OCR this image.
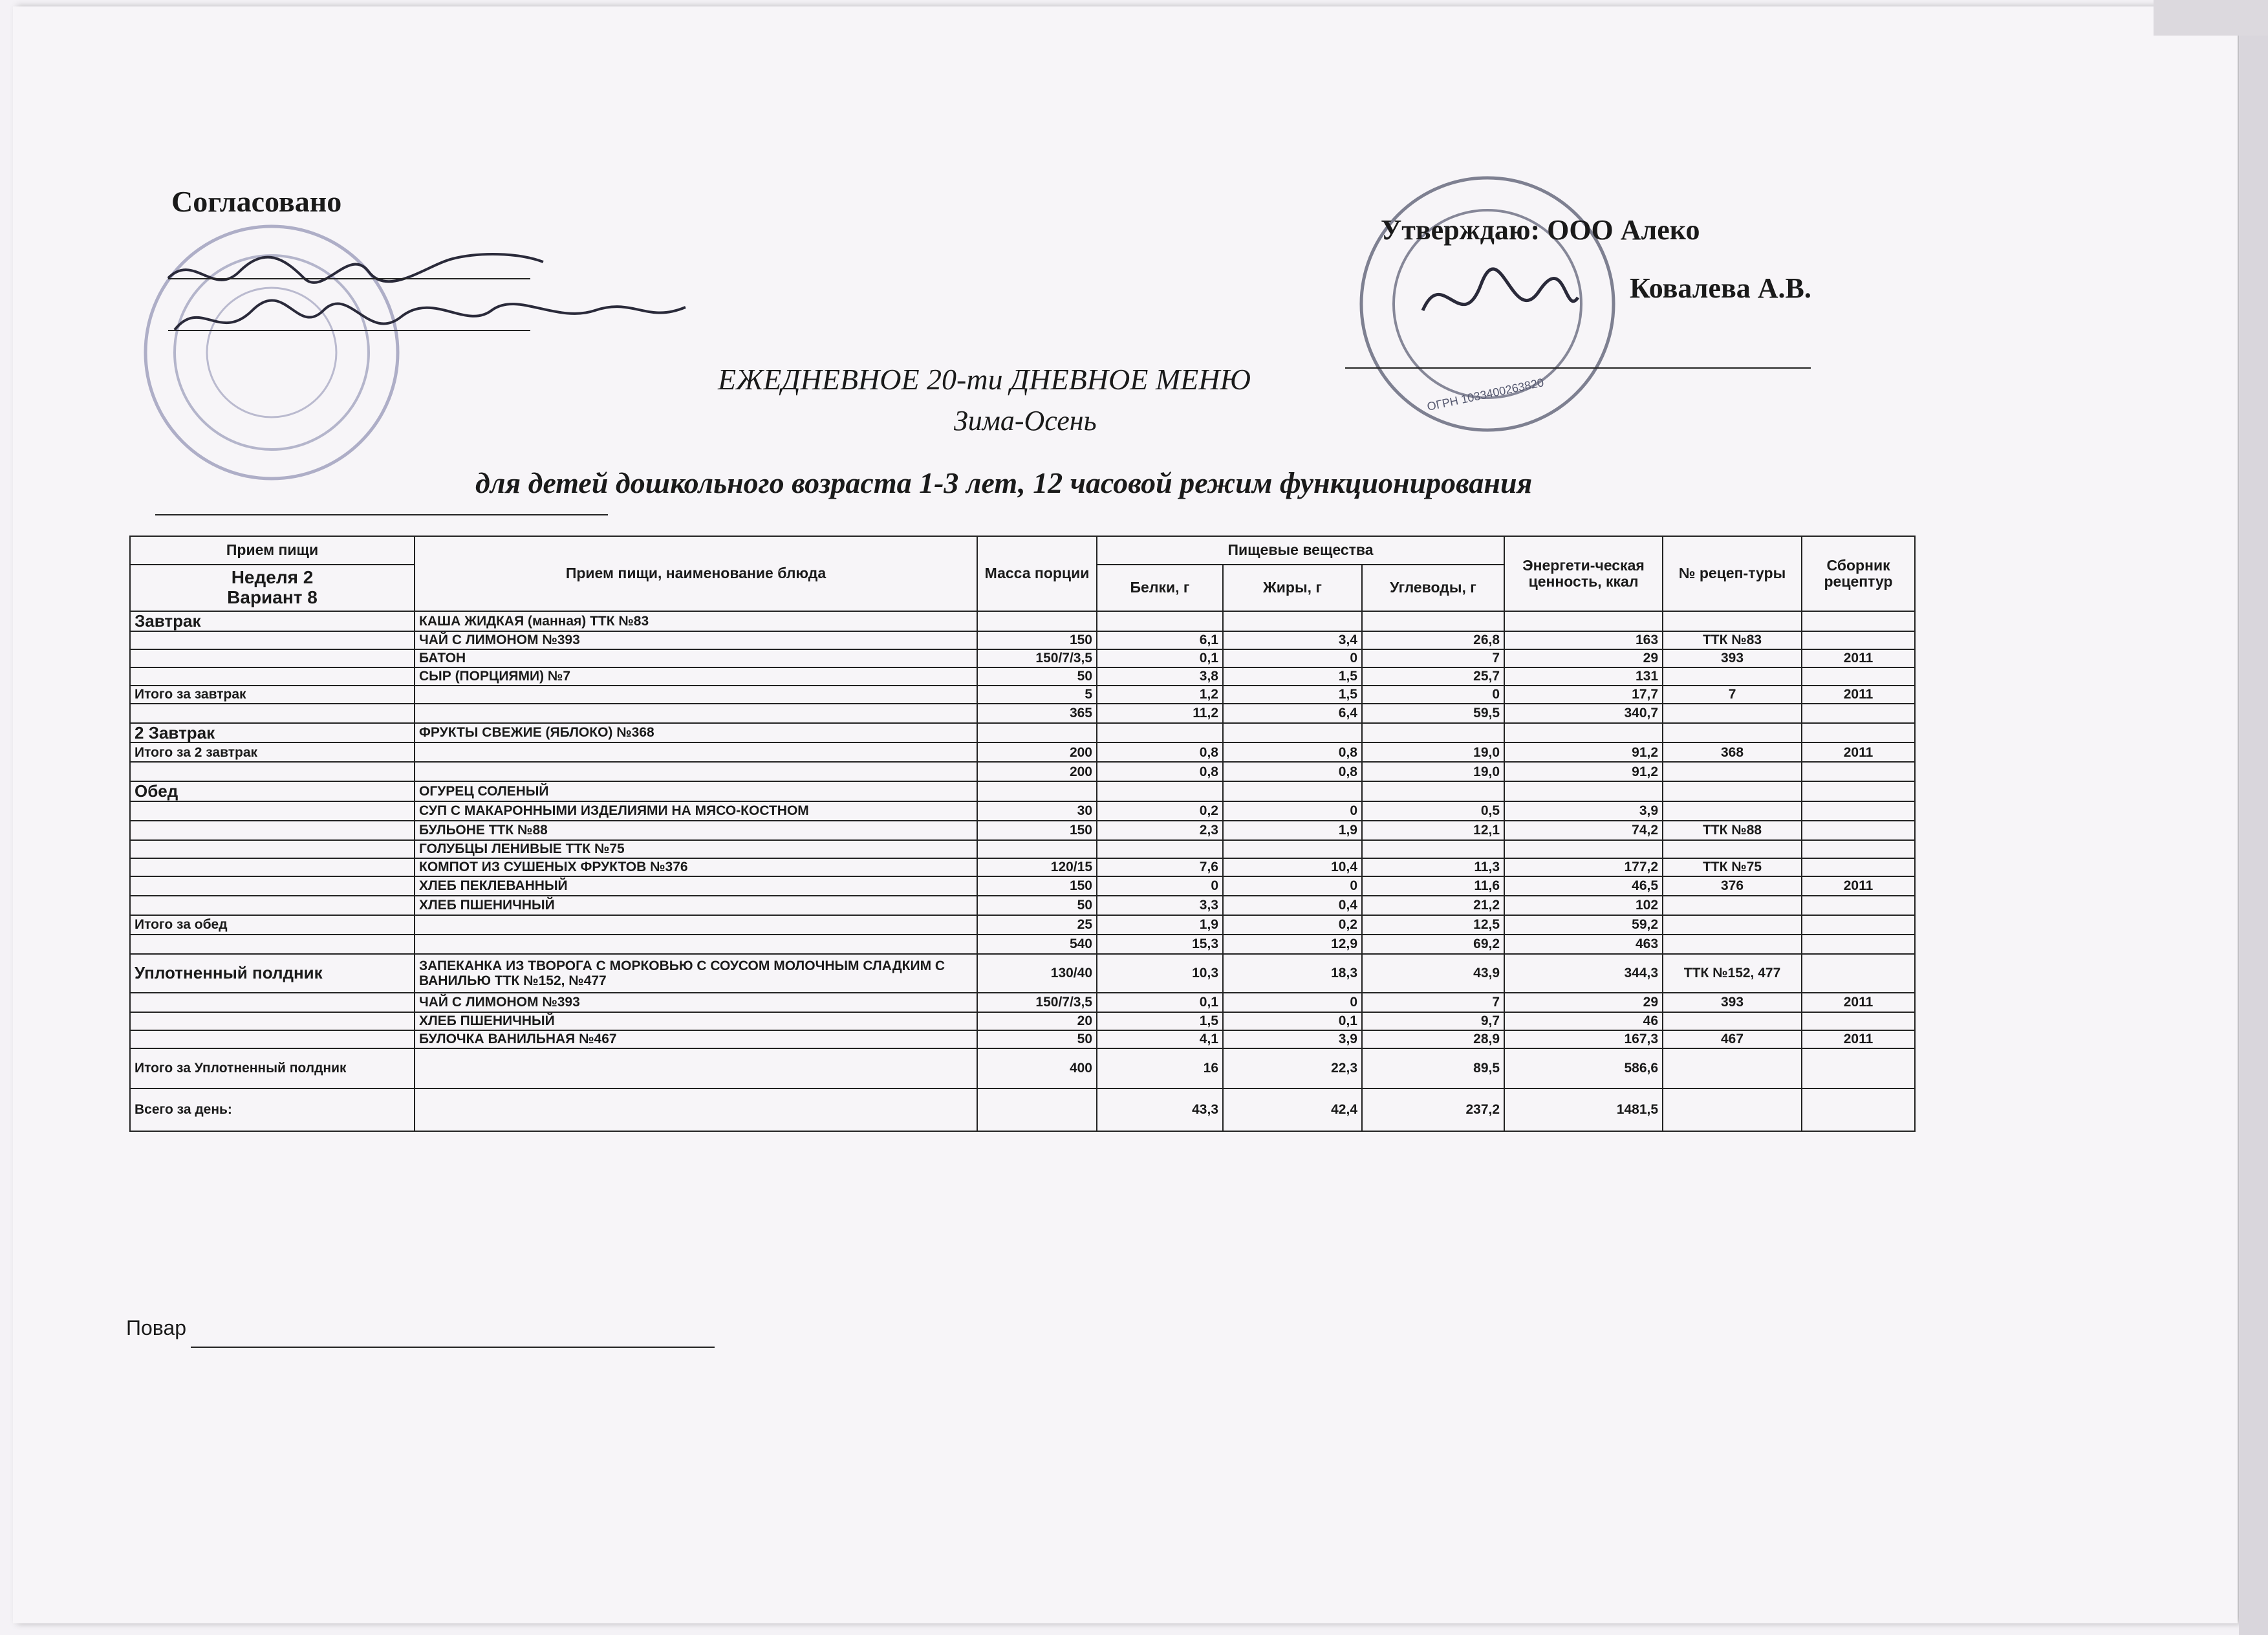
Согласовано
ОГРН 1033400263820
Утверждаю: ООО Алеко
Ковалева А.В.
ЕЖЕДНЕВНОЕ 20-ти ДНЕВНОЕ МЕНЮ
Зима-Осень
для детей дошкольного возраста 1-3 лет, 12 часовой режим функционирования
Прием пищи	Прием пищи, наименование блюда	Масса порции	Пищевые вещества			Энергети-ческая ценность, ккал	№ рецеп-туры	Сборник рецептур

Неделя 2
Вариант 8			Белки, г	Жиры, г	Углеводы, г			
Завтрак	КАША ЖИДКАЯ (манная) ТТК №83							
	ЧАЙ С ЛИМОНОМ №393	150	6,1	3,4	26,8	163	ТТК №83	
	БАТОН	150/7/3,5	0,1	0	7	29	393	2011
	СЫР (ПОРЦИЯМИ) №7	50	3,8	1,5	25,7	131		
Итого за завтрак		5	1,2	1,5	0	17,7	7	2011
		365	11,2	6,4	59,5	340,7		
2 Завтрак	ФРУКТЫ СВЕЖИЕ (ЯБЛОКО) №368							
Итого за 2 завтрак		200	0,8	0,8	19,0	91,2	368	2011
		200	0,8	0,8	19,0	91,2		
Обед	ОГУРЕЦ СОЛЕНЫЙ							
	СУП С МАКАРОННЫМИ ИЗДЕЛИЯМИ НА МЯСО-КОСТНОМ	30	0,2	0	0,5	3,9		
	БУЛЬОНЕ ТТК №88	150	2,3	1,9	12,1	74,2	ТТК №88	
	ГОЛУБЦЫ ЛЕНИВЫЕ ТТК №75							
	КОМПОТ ИЗ СУШЕНЫХ ФРУКТОВ №376	120/15	7,6	10,4	11,3	177,2	ТТК №75	
	ХЛЕБ ПЕКЛЕВАННЫЙ	150	0	0	11,6	46,5	376	2011
	ХЛЕБ ПШЕНИЧНЫЙ	50	3,3	0,4	21,2	102		
Итого за обед		25	1,9	0,2	12,5	59,2		
		540	15,3	12,9	69,2	463		
Уплотненный полдник	ЗАПЕКАНКА ИЗ ТВОРОГА С МОРКОВЬЮ С СОУСОМ МОЛОЧНЫМ СЛАДКИМ С ВАНИЛЬЮ ТТК №152, №477	130/40	10,3	18,3	43,9	344,3	ТТК №152, 477	
	ЧАЙ С ЛИМОНОМ №393	150/7/3,5	0,1	0	7	29	393	2011
	ХЛЕБ ПШЕНИЧНЫЙ	20	1,5	0,1	9,7	46		
	БУЛОЧКА ВАНИЛЬНАЯ №467	50	4,1	3,9	28,9	167,3	467	2011
Итого за Уплотненный полдник		400	16	22,3	89,5	586,6		
Всего за день:			43,3	42,4	237,2	1481,5		
Повар
